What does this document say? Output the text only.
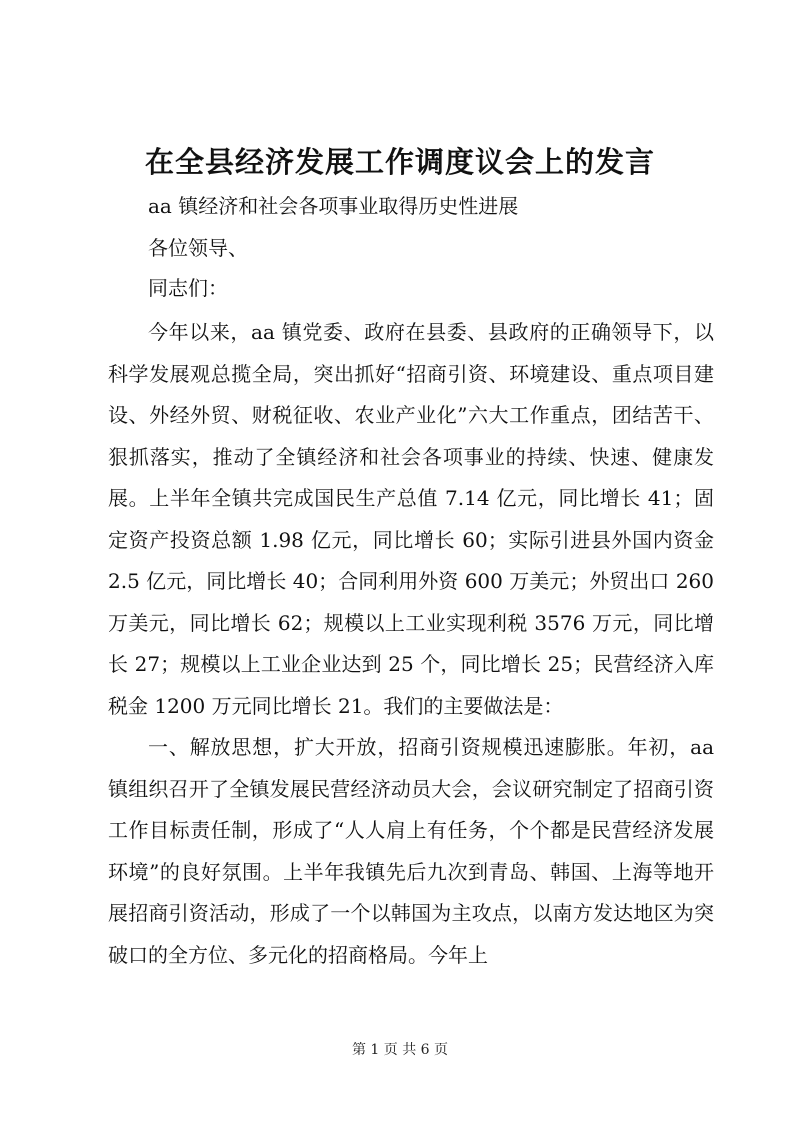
在全县经济发展工作调度议会上的发言
aa 镇经济和社会各项事业取得历史性进展
各位领导、
同志们：

今年以来，aa 镇党委、政府在县委、县政府的正确领导下，以科学发展观总揽全局，突出抓好“招商引资、环境建设、重点项目建设、外经外贸、财税征收、农业产业化”六大工作重点，团结苦干、狠抓落实，推动了全镇经济和社会各项事业的持续、快速、健康发展。上半年全镇共完成国民生产总值 7.14 亿元，同比增长 41；固定资产投资总额 1.98 亿元，同比增长 60；实际引进县外国内资金 2.5 亿元，同比增长 40；合同利用外资 600 万美元；外贸出口 260 万美元，同比增长 62；规模以上工业实现利税 3576 万元，同比增长 27；规模以上工业企业达到 25 个，同比增长 25；民营经济入库税金 1200 万元同比增长 21。我们的主要做法是：

一、解放思想，扩大开放，招商引资规模迅速膨胀。年初，aa 镇组织召开了全镇发展民营经济动员大会，会议研究制定了招商引资工作目标责任制，形成了“人人肩上有任务，个个都是民营经济发展环境”的良好氛围。上半年我镇先后九次到青岛、韩国、上海等地开展招商引资活动，形成了一个以韩国为主攻点，以南方发达地区为突破口的全方位、多元化的招商格局。今年上

第 1 页 共 6 页
